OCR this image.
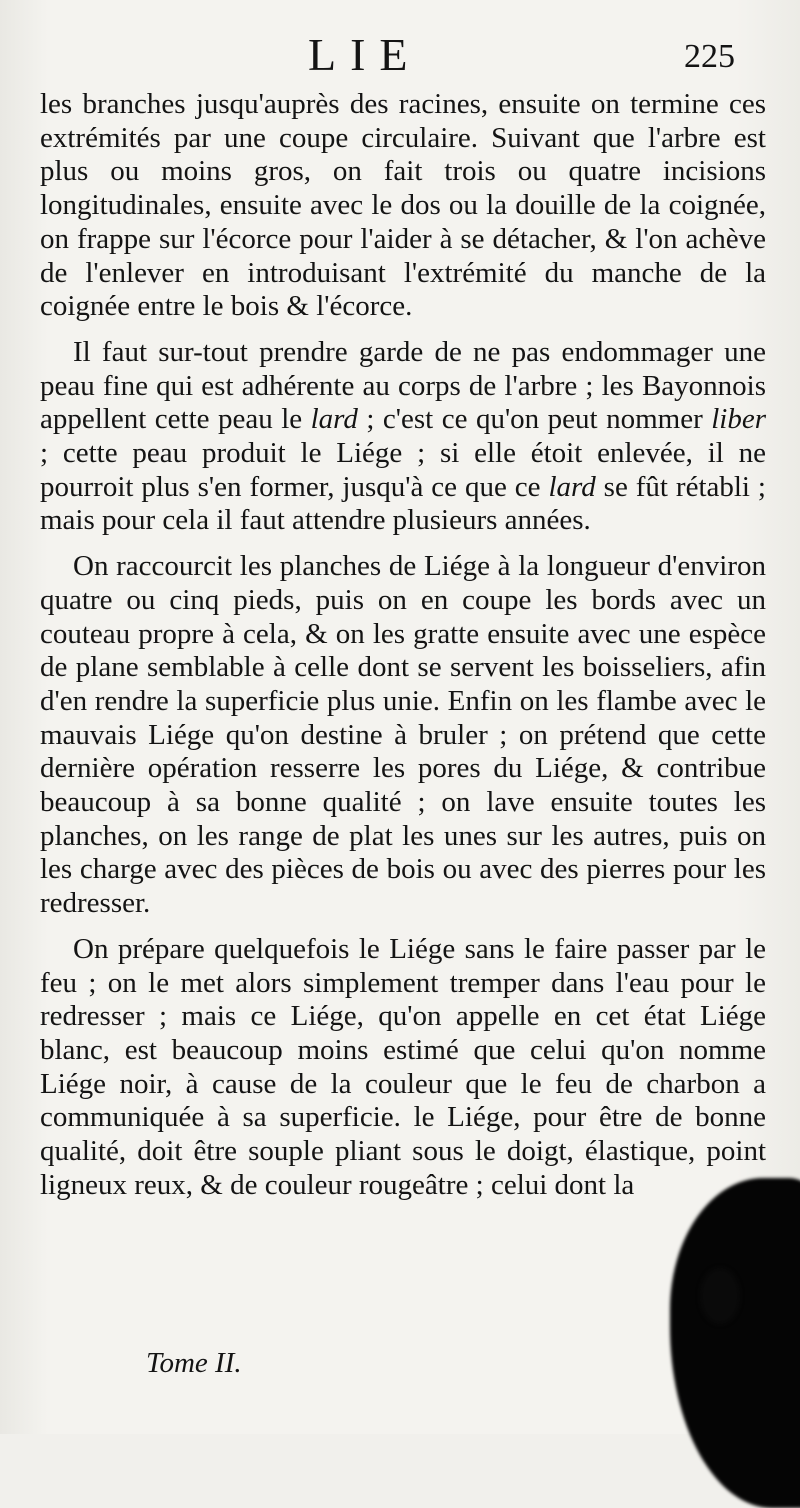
LIE	225

les branches jusqu'auprès des racines, ensuite on termine ces extrémités par une coupe circulaire. Suivant que l'arbre est plus ou moins gros, on fait trois ou quatre incisions longitudinales, ensuite avec le dos ou la douille de la coignée, on frappe sur l'écorce pour l'aider à se détacher, & l'on achève de l'enlever en introduisant l'extrémité du manche de la coignée entre le bois & l'écorce.

Il faut sur-tout prendre garde de ne pas endommager une peau fine qui est adhérente au corps de l'arbre ; les Bayonnois appellent cette peau le lard ; c'est ce qu'on peut nommer liber ; cette peau produit le Liége ; si elle étoit enlevée, il ne pourroit plus s'en former, jusqu'à ce que ce lard se fût rétabli ; mais pour cela il faut attendre plusieurs années.

On raccourcit les planches de Liége à la longueur d'environ quatre ou cinq pieds, puis on en coupe les bords avec un couteau propre à cela, & on les gratte ensuite avec une espèce de plane semblable à celle dont se servent les boisseliers, afin d'en rendre la superficie plus unie. Enfin on les flambe avec le mauvais Liége qu'on destine à bruler ; on prétend que cette dernière opération resserre les pores du Liége, & contribue beaucoup à sa bonne qualité ; on lave ensuite toutes les planches, on les range de plat les unes sur les autres, puis on les charge avec des pièces de bois ou avec des pierres pour les redresser.

On prépare quelquefois le Liége sans le faire passer par le feu ; on le met alors simplement tremper dans l'eau pour le redresser ; mais ce Liége, qu'on appelle en cet état Liége blanc, est beaucoup moins estimé que celui qu'on nomme Liége noir, à cause de la couleur que le feu de charbon a communiquée à sa superficie. le Liége, pour être de bonne qualité, doit être souple pliant sous le doigt, élastique, point ligneux reux, & de couleur rougeâtre ; celui dont la

Tome II.
